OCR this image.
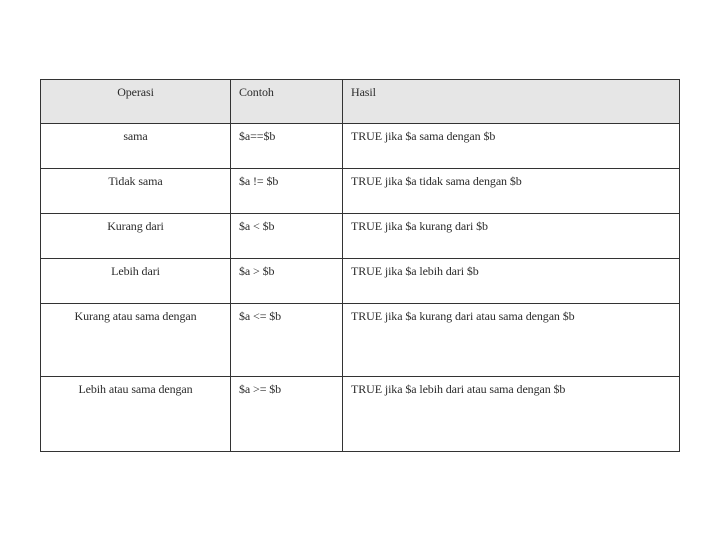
Operasi	Contoh	Hasil
sama	$a==$b	TRUE jika $a sama dengan $b
Tidak sama	$a != $b	TRUE jika $a tidak sama dengan $b
Kurang dari	$a < $b	TRUE jika $a kurang dari $b
Lebih dari	$a > $b	TRUE jika $a lebih dari $b
Kurang atau sama dengan	$a <= $b	TRUE jika $a kurang dari atau sama dengan $b
Lebih atau sama dengan	$a >= $b	TRUE jika $a lebih dari atau sama dengan $b
